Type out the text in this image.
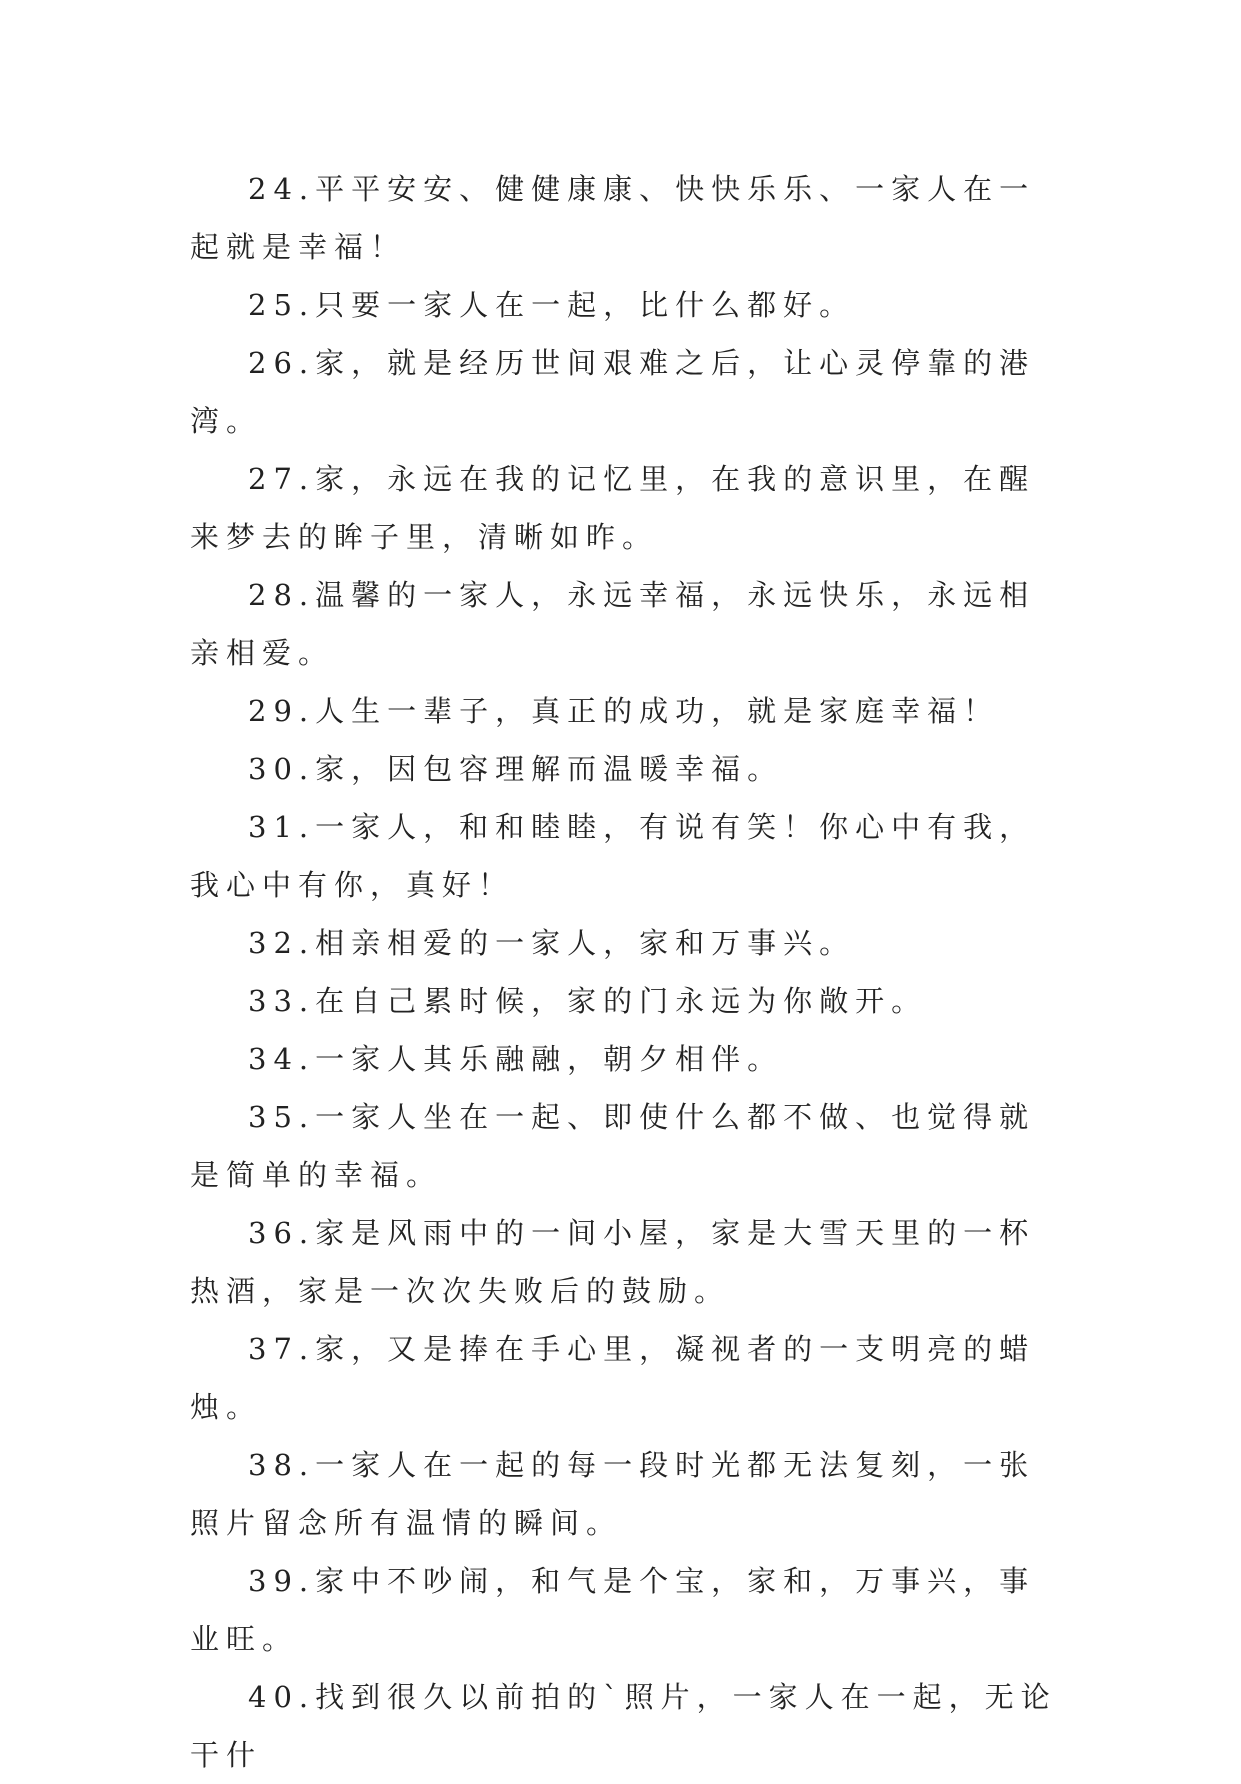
24.平平安安、健健康康、快快乐乐、一家人在一起就是幸福！

25.只要一家人在一起，比什么都好。

26.家，就是经历世间艰难之后，让心灵停靠的港湾。

27.家，永远在我的记忆里，在我的意识里，在醒来梦去的眸子里，清晰如昨。

28.温馨的一家人，永远幸福，永远快乐，永远相亲相爱。

29.人生一辈子，真正的成功，就是家庭幸福！

30.家，因包容理解而温暖幸福。

31.一家人，和和睦睦，有说有笑！你心中有我，我心中有你，真好！

32.相亲相爱的一家人，家和万事兴。

33.在自己累时候，家的门永远为你敞开。

34.一家人其乐融融，朝夕相伴。

35.一家人坐在一起、即使什么都不做、也觉得就是简单的幸福。

36.家是风雨中的一间小屋，家是大雪天里的一杯热酒，家是一次次失败后的鼓励。

37.家，又是捧在手心里，凝视者的一支明亮的蜡烛。

38.一家人在一起的每一段时光都无法复刻，一张照片留念所有温情的瞬间。

39.家中不吵闹，和气是个宝，家和，万事兴，事业旺。

40.找到很久以前拍的`照片，一家人在一起，无论干什
